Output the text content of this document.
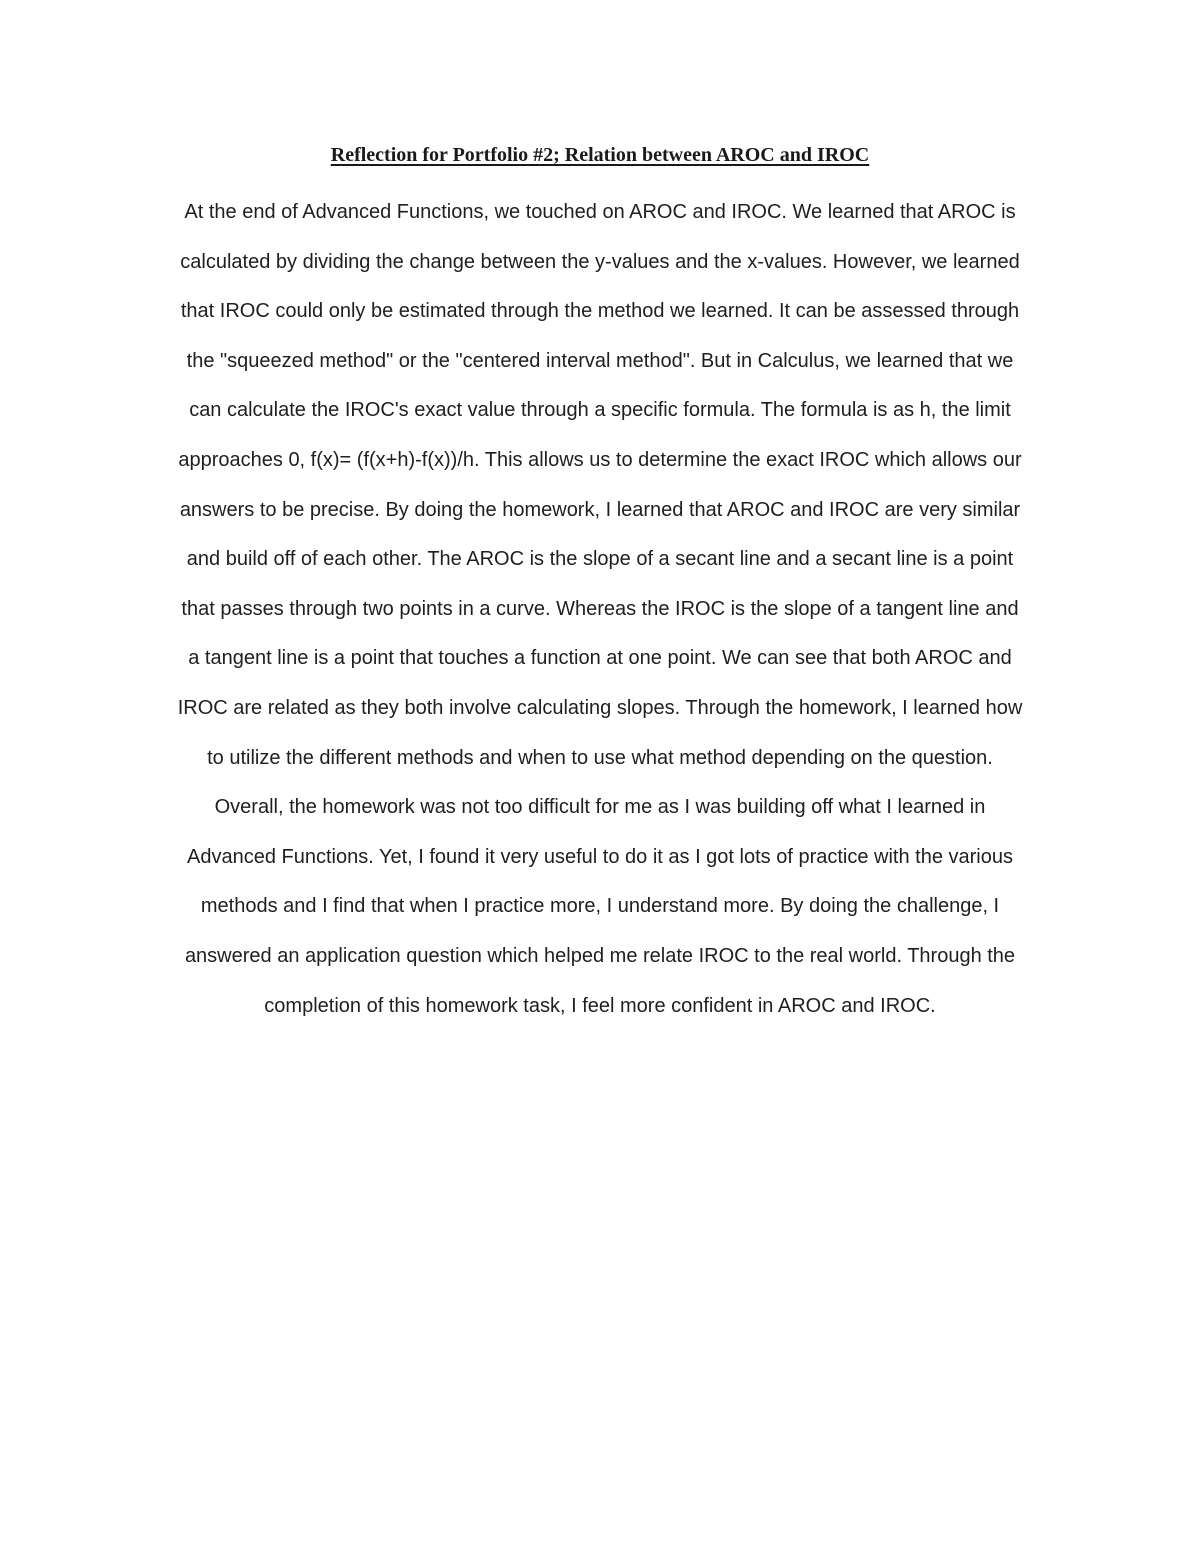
Reflection for Portfolio #2; Relation between AROC and IROC
At the end of Advanced Functions, we touched on AROC and IROC. We learned that AROC is
calculated by dividing the change between the y-values and the x-values. However, we learned
that IROC could only be estimated through the method we learned. It can be assessed through
the "squeezed method" or the "centered interval method". But in Calculus, we learned that we
can calculate the IROC's exact value through a specific formula. The formula is as h, the limit
approaches 0, f(x)= (f(x+h)-f(x))/h. This allows us to determine the exact IROC which allows our
answers to be precise. By doing the homework, I learned that AROC and IROC are very similar
and build off of each other. The AROC is the slope of a secant line and a secant line is a point
that passes through two points in a curve. Whereas the IROC is the slope of a tangent line and
a tangent line is a point that touches a function at one point. We can see that both AROC and
IROC are related as they both involve calculating slopes. Through the homework, I learned how
to utilize the different methods and when to use what method depending on the question.
Overall, the homework was not too difficult for me as I was building off what I learned in
Advanced Functions. Yet, I found it very useful to do it as I got lots of practice with the various
methods and I find that when I practice more, I understand more. By doing the challenge, I
answered an application question which helped me relate IROC to the real world. Through the
completion of this homework task, I feel more confident in AROC and IROC.
